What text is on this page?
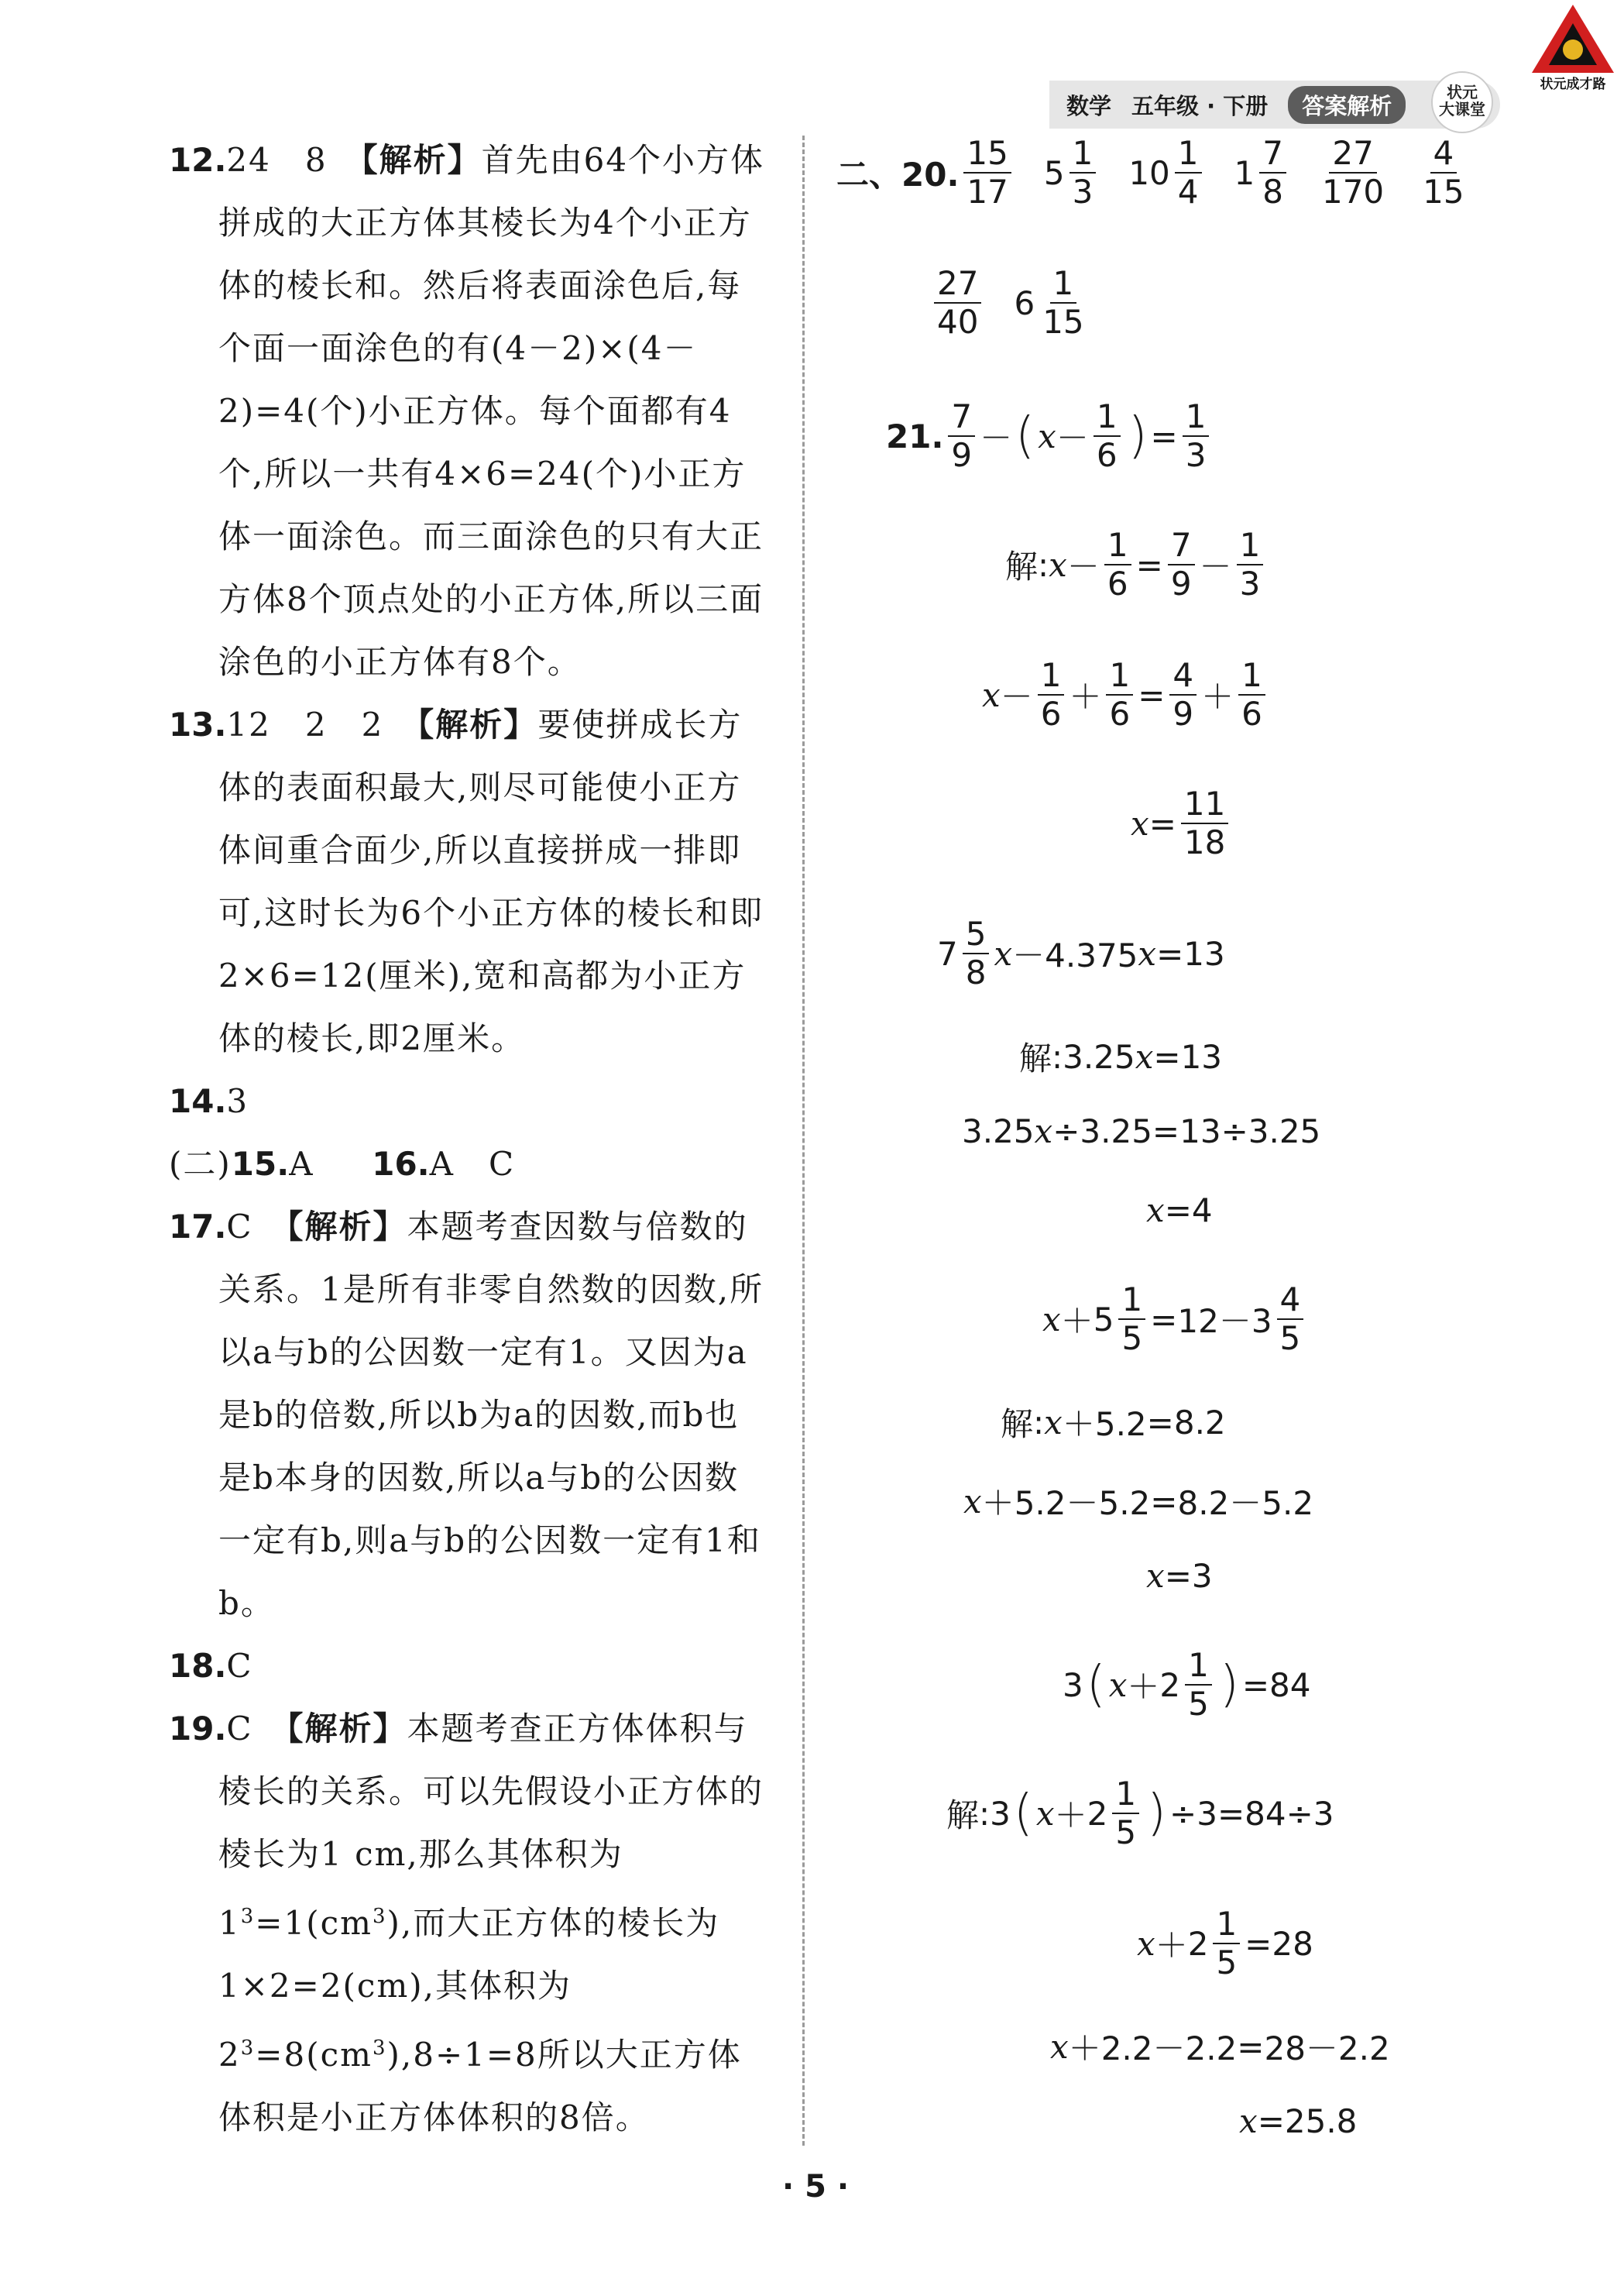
状元成才路
数学 五年级 · 下册	答案解析
状元
大课堂

12.24　8　【解析】首先由64个小方体拼成的大正方体其棱长为4个小正方体的棱长和。然后将表面涂色后,每个面一面涂色的有(4－2)×(4－2)=4(个)小正方体。每个面都有4个,所以一共有4×6=24(个)小正方体一面涂色。而三面涂色的只有大正方体8个顶点处的小正方体,所以三面涂色的小正方体有8个。

13.12　2　2　【解析】要使拼成长方体的表面积最大,则尽可能使小正方体间重合面少,所以直接拼成一排即可,这时长为6个小正方体的棱长和即2×6=12(厘米),宽和高都为小正方体的棱长,即2厘米。

14.3

(二)15.A　  16.A　C

17.C　【解析】本题考查因数与倍数的关系。1是所有非零自然数的因数,所以a与b的公因数一定有1。又因为a是b的倍数,所以b为a的因数,而b也是b本身的因数,所以a与b的公因数一定有b,则a与b的公因数一定有1和b。

18.C

19.C　【解析】本题考查正方体体积与棱长的关系。可以先假设小正方体的棱长为1 cm,那么其体积为$1^3=1(cm^3)$,而大正方体的棱长为1×2=2(cm),其体积为$2^3=8(cm^3),8\div 1=8$所以大正方体体积是小正方体体积的8倍。

二、20. $\frac{15}{17} 5 \frac{1}{3} 10 \frac{1}{4} 1 \frac{7}{8} \frac{27}{170} \frac{4}{15}$
$\frac{27}{40} 6 \frac{1}{15}$
21. $\frac{7}{9}$ － ( $x - \frac{1}{6}$ ) = $\frac{1}{3}$
解 : $x - \frac{1}{6} = \frac{7}{9} - \frac{1}{3}$
$x - \frac{1}{6} + \frac{1}{6} = \frac{4}{9} + \frac{1}{6}$
$x = \frac{11}{18}$
$7 \frac{5}{8}$ x －4.375 x = 13
解 : 3.25 x = 13
3.25 x ÷3.25 = 13÷3.25
x = 4
$x + 5 \frac{1}{5} = 12-3 \frac{4}{5}$
解 : x ＋5.2 = 8.2
x ＋5.2－5.2 = 8.2－5.2
x = 3
3 ( $x + 2 \frac{1}{5}$ ) = 84
解 : 3 ( $x + 2 \frac{1}{5}$ ) ÷3 = 84÷3
$x + 2 \frac{1}{5} = 28$
x ＋2.2－2.2 = 28－2.2
x = 25.8
· 5 ·
